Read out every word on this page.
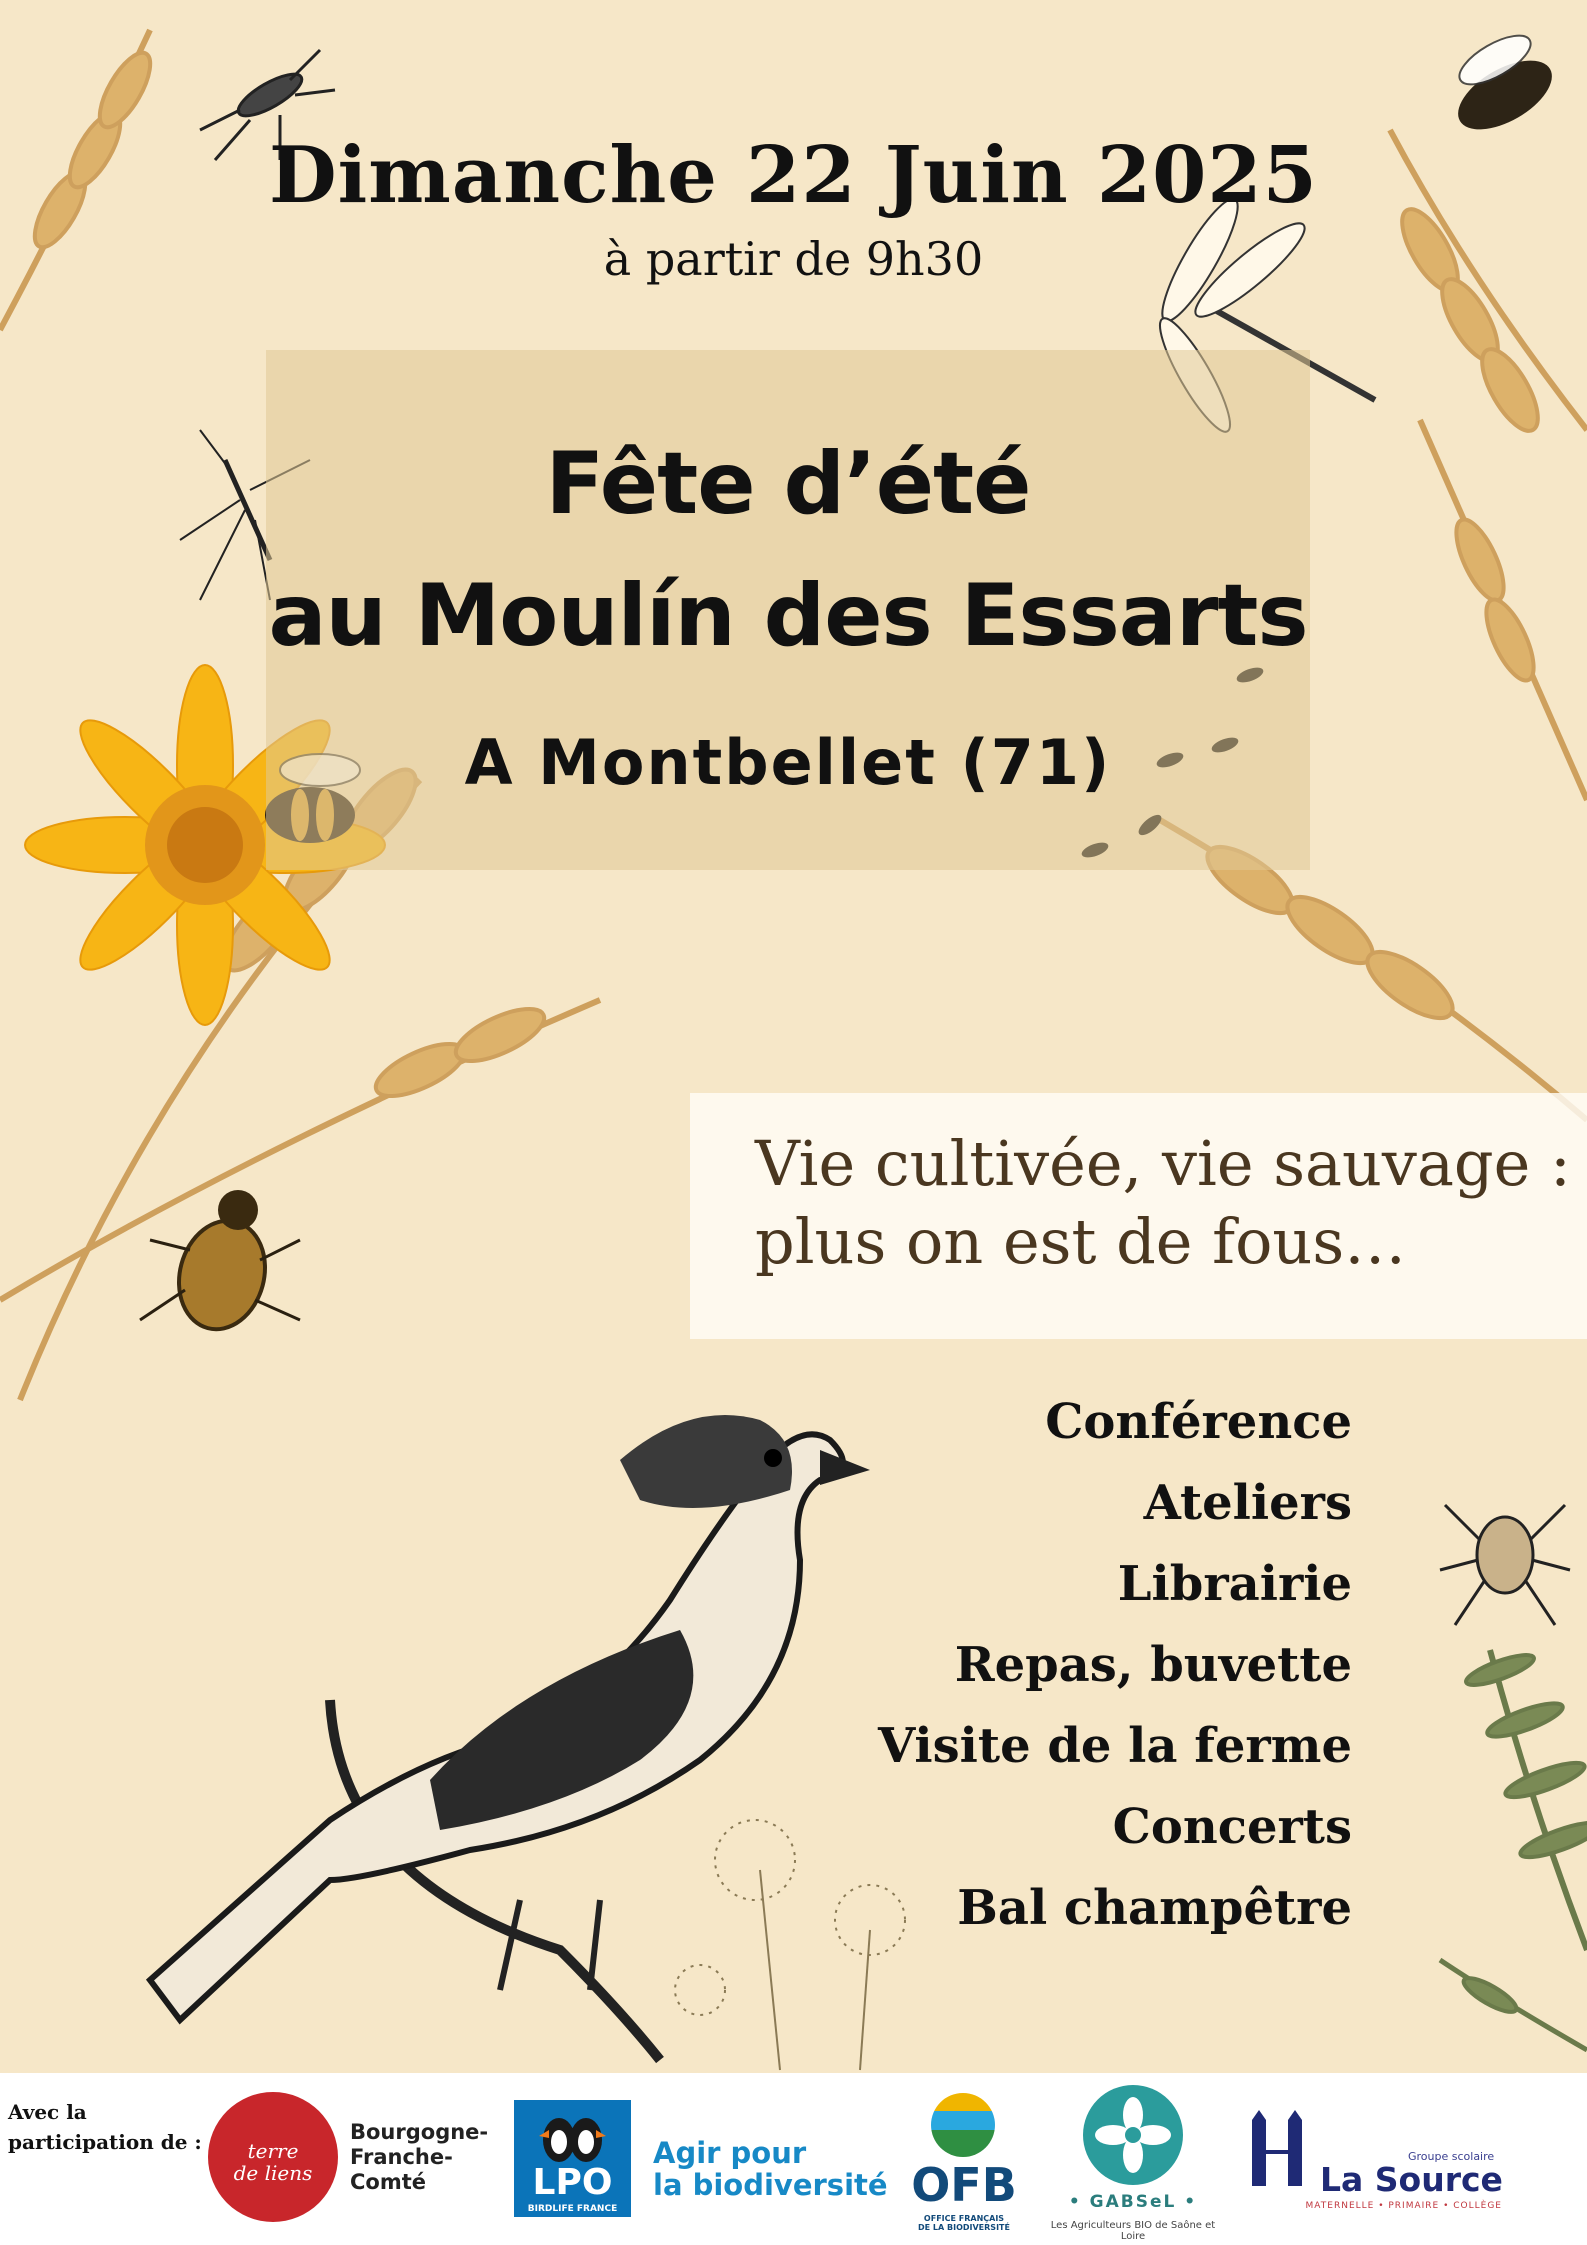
Dimanche 22 Juin 2025
à partir de 9h30
Fête d’été
au Moulín des Essarts
A Montbellet (71)
Vie cultivée, vie sauvage :
plus on est de fous…
Conférence
Ateliers
Librairie
Repas, buvette
Visite de la ferme
Concerts
Bal champêtre
Avec la
participation de :	terre
de liens
Bourgogne-
Franche-
Comté	LPO
BIRDLIFE FRANCE
Agir pour
la biodiversité OFB
OFFICE FRANÇAIS
DE LA BIODIVERSITÉ
• GABSeL •
Les Agriculteurs BIO de Saône et Loire
Groupe scolaire
La Source
MATERNELLE • PRIMAIRE • COLLÈGE
